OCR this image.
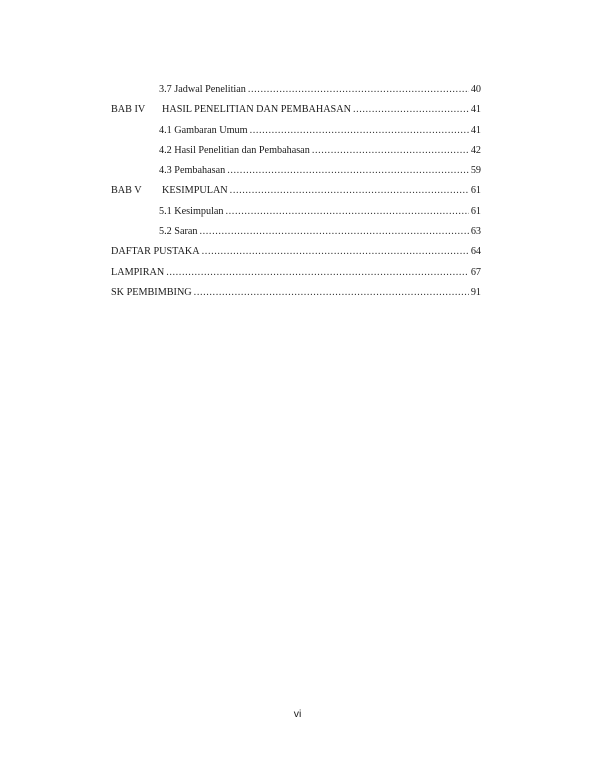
3.7 Jadwal Penelitian .....	40
BAB IV HASIL PENELITIAN DAN PEMBAHASAN .....	41
4.1 Gambaran Umum .....	41
4.2 Hasil Penelitian dan Pembahasan .....	42
4.3 Pembahasan .....	59
BAB V KESIMPULAN .....	61
5.1 Kesimpulan .....	61
5.2 Saran .....	63
DAFTAR PUSTAKA .....	64
LAMPIRAN .....	67
SK PEMBIMBING .....	91
vi
